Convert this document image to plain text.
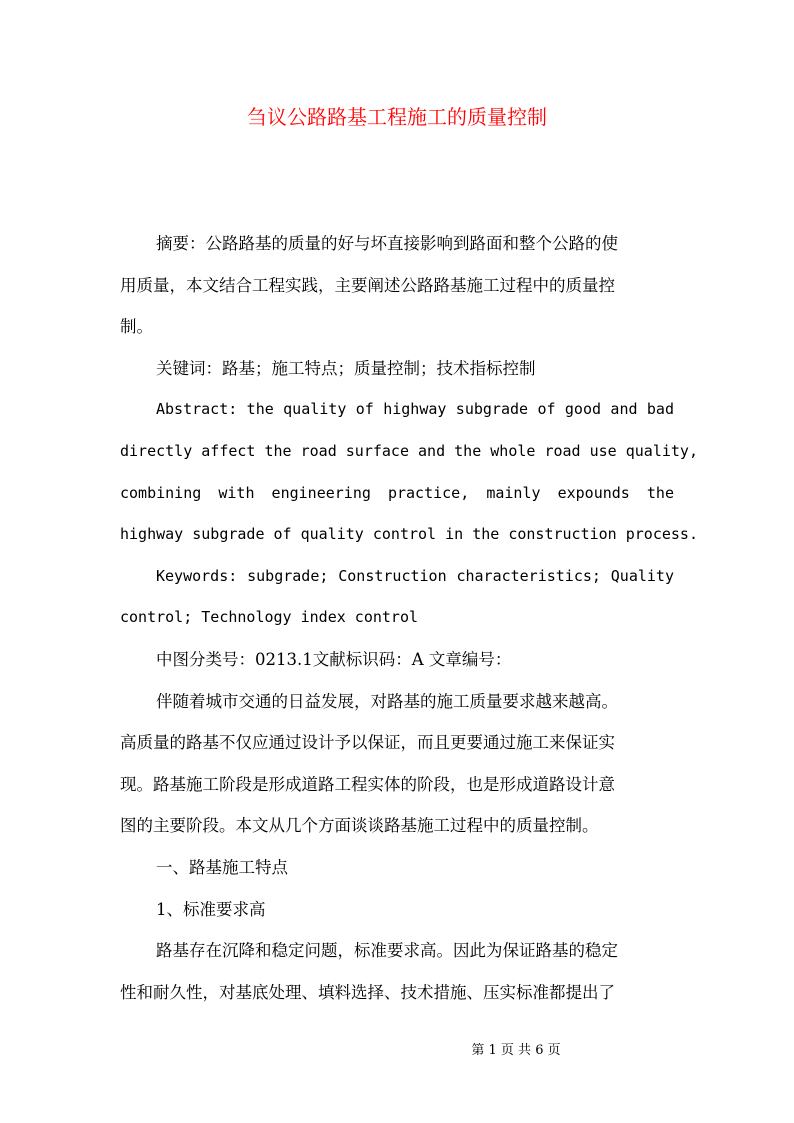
刍议公路路基工程施工的质量控制
摘要：公路路基的质量的好与坏直接影响到路面和整个公路的使
用质量，本文结合工程实践，主要阐述公路路基施工过程中的质量控
制。
关键词：路基；施工特点；质量控制；技术指标控制
Abstract: the quality of highway subgrade of good and bad
directly affect the road surface and the whole road use quality,
combining with engineering practice, mainly expounds the
highway subgrade of quality control in the construction process.
Keywords: subgrade; Construction characteristics; Quality
control; Technology index control
中图分类号：0213.1文献标识码：A 文章编号：
伴随着城市交通的日益发展，对路基的施工质量要求越来越高。
高质量的路基不仅应通过设计予以保证，而且更要通过施工来保证实
现。路基施工阶段是形成道路工程实体的阶段，也是形成道路设计意
图的主要阶段。本文从几个方面谈谈路基施工过程中的质量控制。
一、路基施工特点
1、标准要求高
路基存在沉降和稳定问题，标准要求高。因此为保证路基的稳定
性和耐久性，对基底处理、填料选择、技术措施、压实标准都提出了
第 1 页 共 6 页
